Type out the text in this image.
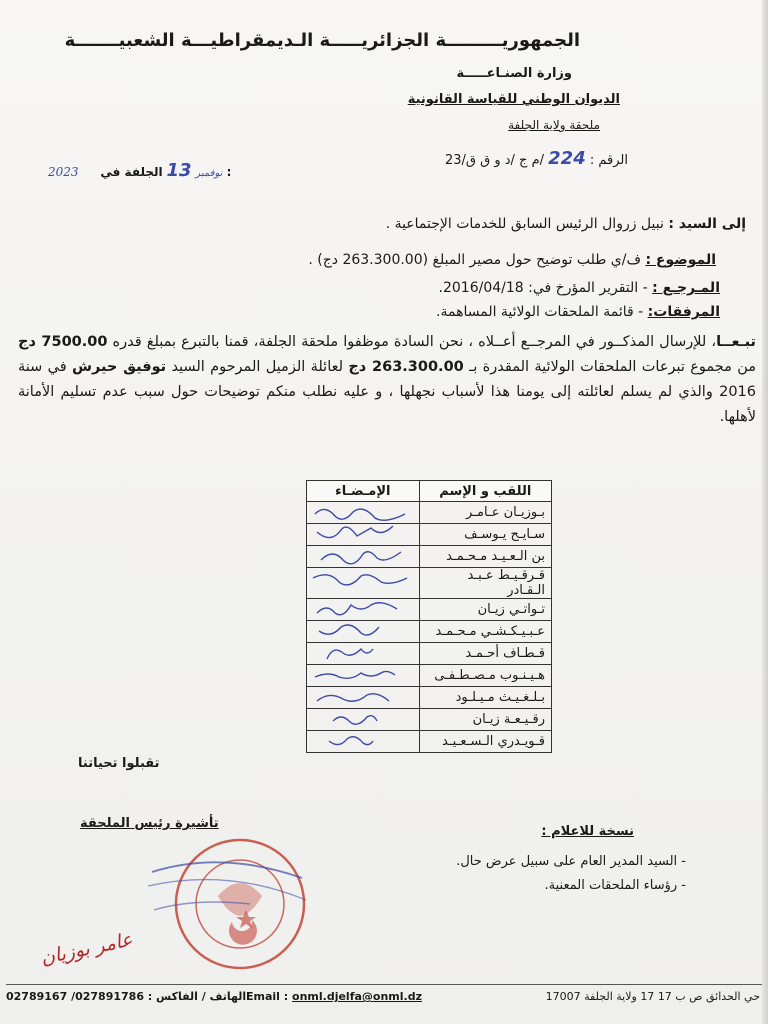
الجمهوريـــــــــة الجزائريـــــة الـديمقراطيـــة الشعبيـــــــة
وزارة الصنـاعـــــة
الديوان الوطني للقياسة القانونية
ملحقة ولاية الجلفة
الرقم : 224 /م ج /د و ق ق/23
2023	نوفمبر 13 الجلفة في :
إلى السيد : نبيل زروال الرئيس السابق للخدمات الإجتماعية .
الموضوع : ف/ي طلب توضيح حول مصير المبلغ (263.300.00 دج) .
المـرجـع : - التقرير المؤرخ في: 2016/04/18.
المرفقات: - قائمة الملحقات الولائية المساهمة.
تبـعــا، للإرسال المذكــور في المرجــع أعــلاه ، نحن السادة موظفوا ملحقة الجلفة، قمنا بالتبرع بمبلغ قدره 7500.00 دج من مجموع تبرعات الملحقات الولائية المقدرة بـ 263.300.00 دج لعائلة الزميل المرحوم السيد توفيق حيرش في سنة 2016 والذي لم يسلم لعائلته إلى يومنا هذا لأسباب نجهلها ، و عليه نطلب منكم توضيحات حول سبب عدم تسليم الأمانة لأهلها.
اللقب و الإسم	الإمـضـاء
بـوزيـان عـامـر	

سـايـح يـوسـف	

بن الـعـيـد مـحـمـد	

قـرقـيـط عـبـد الـقـادر	

تـواتـي زيـان	

عـبـيـكـشـي مـحـمـد	

قـطـاف أحـمـد	

هـيـنـوب مـصـطـفـى	

بـلـغـيـث مـيـلـود	

رقـيـعـة زيـان	

قـويـدري الـسـعـيـد	
تقبلوا تحياتنا
تأشيرة رئيس الملحقة
نسخة للاعلام :
- السيد المدير العام على سبيل عرض حال.
- رؤساء الملحقات المعنية.
عامر بوزيان
حي الحدائق ص ب 17 17 ولاية الجلفة 17007
Email : onml.djelfa@onml.dz
الهاتف / الفاكس : 027891786/ 02789167
